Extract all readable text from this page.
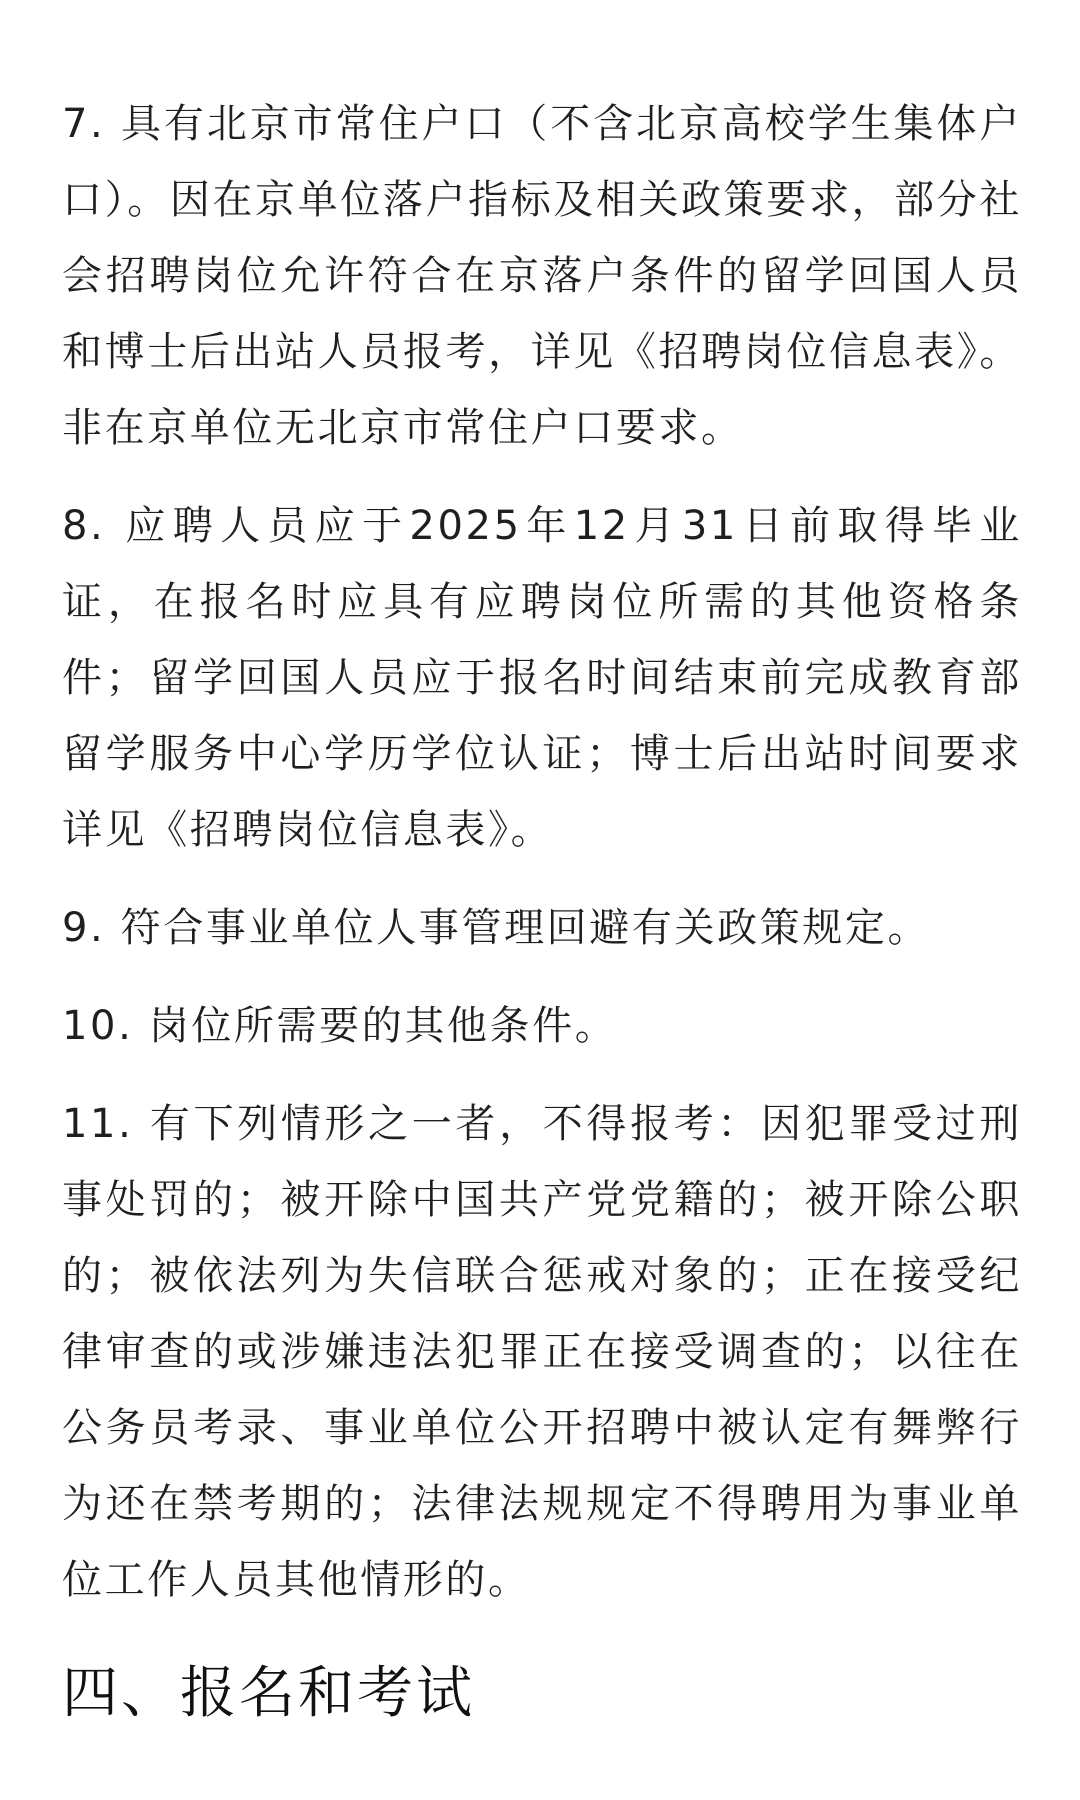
7. 具有北京市常住户口（不含北京高校学生集体户口）。因在京单位落户指标及相关政策要求，部分社会招聘岗位允许符合在京落户条件的留学回国人员和博士后出站人员报考，详见《招聘岗位信息表》。非在京单位无北京市常住户口要求。

8. 应聘人员应于2025年12月31日前取得毕业证，在报名时应具有应聘岗位所需的其他资格条件；留学回国人员应于报名时间结束前完成教育部留学服务中心学历学位认证；博士后出站时间要求详见《招聘岗位信息表》。

9. 符合事业单位人事管理回避有关政策规定。

10. 岗位所需要的其他条件。

11. 有下列情形之一者，不得报考：因犯罪受过刑事处罚的；被开除中国共产党党籍的；被开除公职的；被依法列为失信联合惩戒对象的；正在接受纪律审查的或涉嫌违法犯罪正在接受调查的；以往在公务员考录、事业单位公开招聘中被认定有舞弊行为还在禁考期的；法律法规规定不得聘用为事业单位工作人员其他情形的。

四、报名和考试
